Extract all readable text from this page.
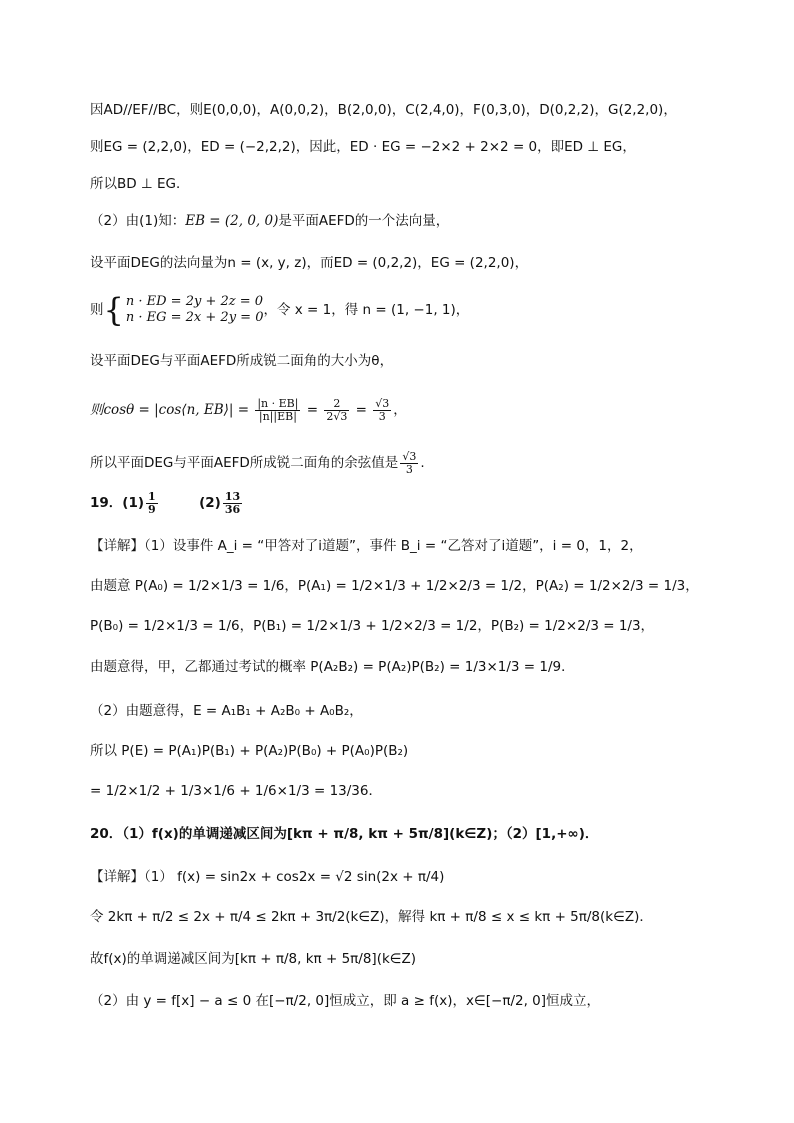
因AD//EF//BC，则E(0,0,0)，A(0,0,2)，B(2,0,0)，C(2,4,0)，F(0,3,0)，D(0,2,2)，G(2,2,0)，
则EG = (2,2,0)，ED = (−2,2,2)，因此，ED · EG = −2×2 + 2×2 = 0，即ED ⊥ EG，
所以BD ⊥ EG．
（2）由(1)知：EB = (2, 0, 0)是平面AEFD的一个法向量，
设平面DEG的法向量为n = (x, y, z)，而ED = (0,2,2)，EG = (2,2,0)，
则{ n · ED = 2y + 2z = 0
n · EG = 2x + 2y = 0 ，令 x = 1，得 n = (1, −1, 1)，
设平面DEG与平面AEFD所成锐二面角的大小为θ，
则cosθ = |cos⟨n, EB⟩| = $\frac{|n \cdot EB|}{|n||EB|} = \frac{2}{2√3} = \frac{√3}{3}$ ，
所以平面DEG与平面AEFD所成锐二面角的余弦值是 $\frac{√3}{3}$ .
19．$(1) \frac{1}{9}$	$(2) \frac{13}{36}$
【详解】（1）设事件 A_i = “甲答对了i道题”，事件 B_i = “乙答对了i道题”，i = 0，1，2，
由题意 P(A₀) = 1/2×1/3 = 1/6，P(A₁) = 1/2×1/3 + 1/2×2/3 = 1/2，P(A₂) = 1/2×2/3 = 1/3，
P(B₀) = 1/2×1/3 = 1/6，P(B₁) = 1/2×1/3 + 1/2×2/3 = 1/2，P(B₂) = 1/2×2/3 = 1/3，
由题意得，甲，乙都通过考试的概率 P(A₂B₂) = P(A₂)P(B₂) = 1/3×1/3 = 1/9．
（2）由题意得，E = A₁B₁ + A₂B₀ + A₀B₂，
所以 P(E) = P(A₁)P(B₁) + P(A₂)P(B₀) + P(A₀)P(B₂)
= 1/2×1/2 + 1/3×1/6 + 1/6×1/3 = 13/36．
20．（1）f(x)的单调递减区间为[kπ + π/8, kπ + 5π/8](k∈Z)；（2）[1,+∞)．
【详解】（1） f(x) = sin2x + cos2x = √2 sin(2x + π/4)
令 2kπ + π/2 ≤ 2x + π/4 ≤ 2kπ + 3π/2(k∈Z)，解得 kπ + π/8 ≤ x ≤ kπ + 5π/8(k∈Z)．
故f(x)的单调递减区间为[kπ + π/8, kπ + 5π/8](k∈Z)
（2）由 y = f[x] − a ≤ 0 在[−π/2, 0]恒成立，即 a ≥ f(x)，x∈[−π/2, 0]恒成立，
